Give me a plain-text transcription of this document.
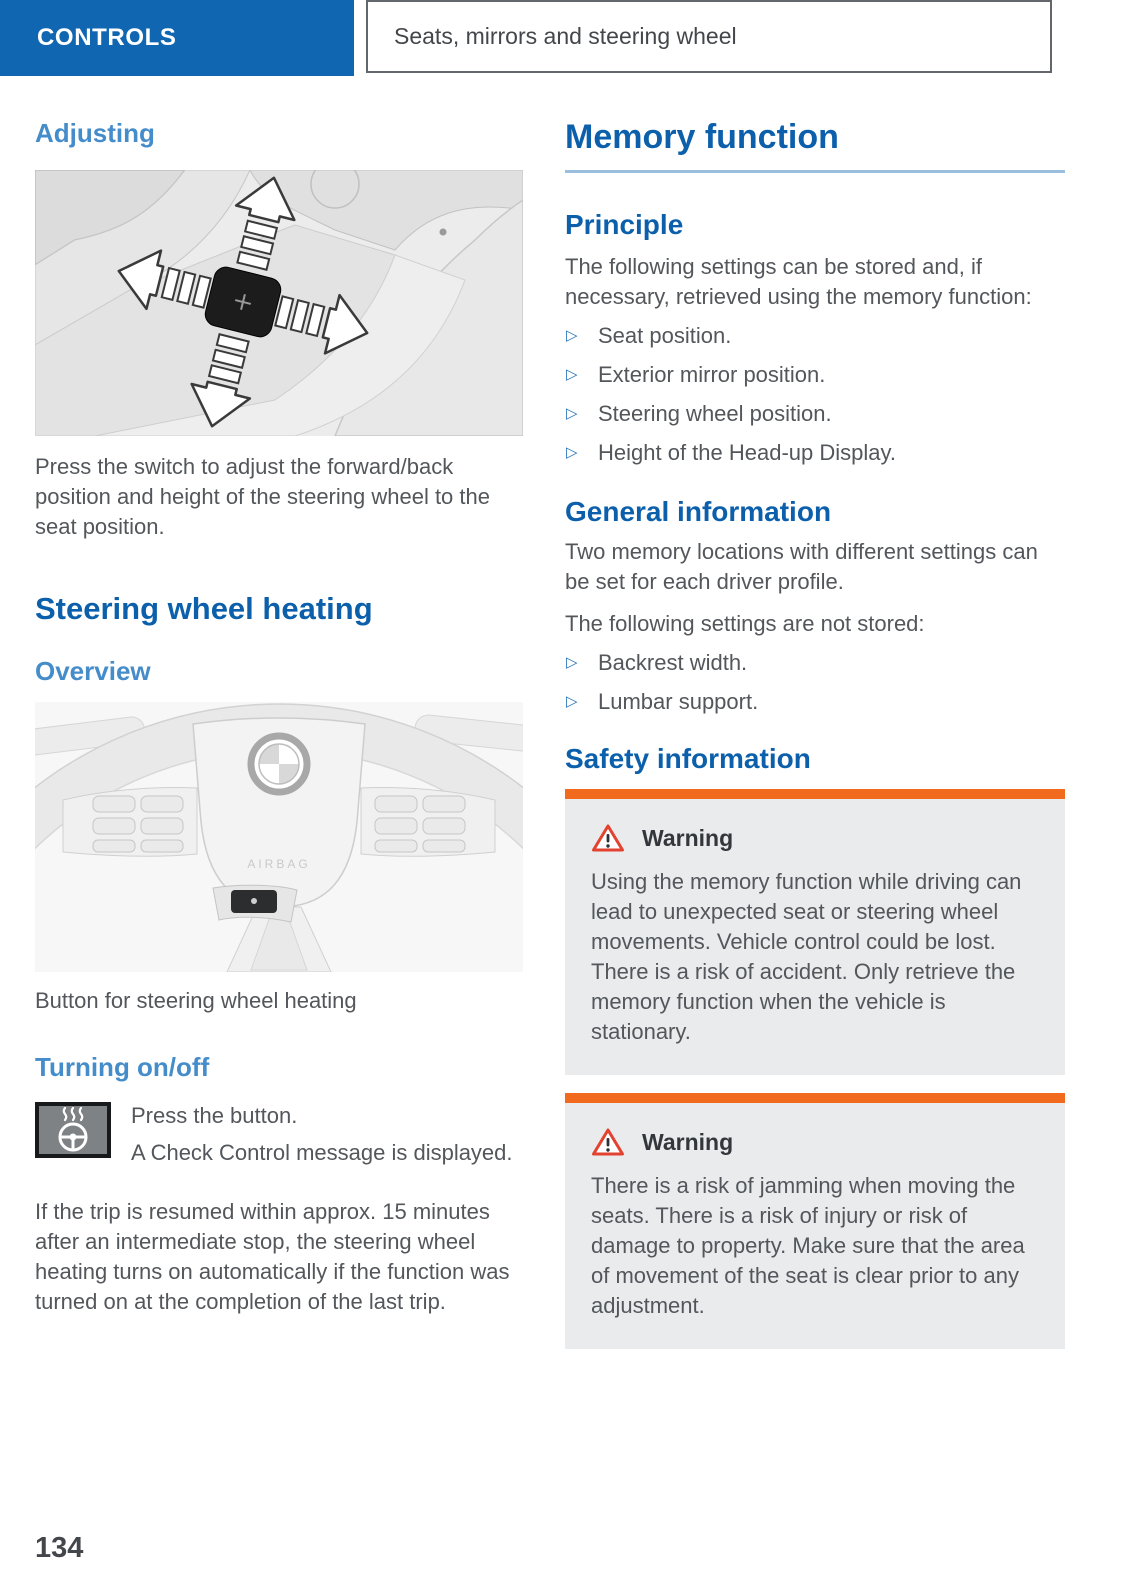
CONTROLS	Seats, mirrors and steering wheel
Adjusting

Press the switch to adjust the forward/back position and height of the steering wheel to the seat position.

Steering wheel heating
Overview
AIRBAG

Button for steering wheel heating

Turning on/off
Press the button.
A Check Control message is displayed.

If the trip is resumed within approx. 15 minutes after an intermediate stop, the steering wheel heating turns on automatically if the function was turned on at the completion of the last trip.

Memory function
Principle

The following settings can be stored and, if necessary, retrieved using the memory function:

▷ Seat position.
▷ Exterior mirror position.
▷ Steering wheel position.
▷ Height of the Head-up Display.
General information

Two memory locations with different settings can be set for each driver profile.

The following settings are not stored:

▷ Backrest width.
▷ Lumbar support.
Safety information
Warning

Using the memory function while driving can lead to unexpected seat or steering wheel movements. Vehicle control could be lost. There is a risk of accident. Only retrieve the memory function when the vehicle is stationary.

Warning

There is a risk of jamming when moving the seats. There is a risk of injury or risk of damage to property. Make sure that the area of movement of the seat is clear prior to any adjustment.

134
